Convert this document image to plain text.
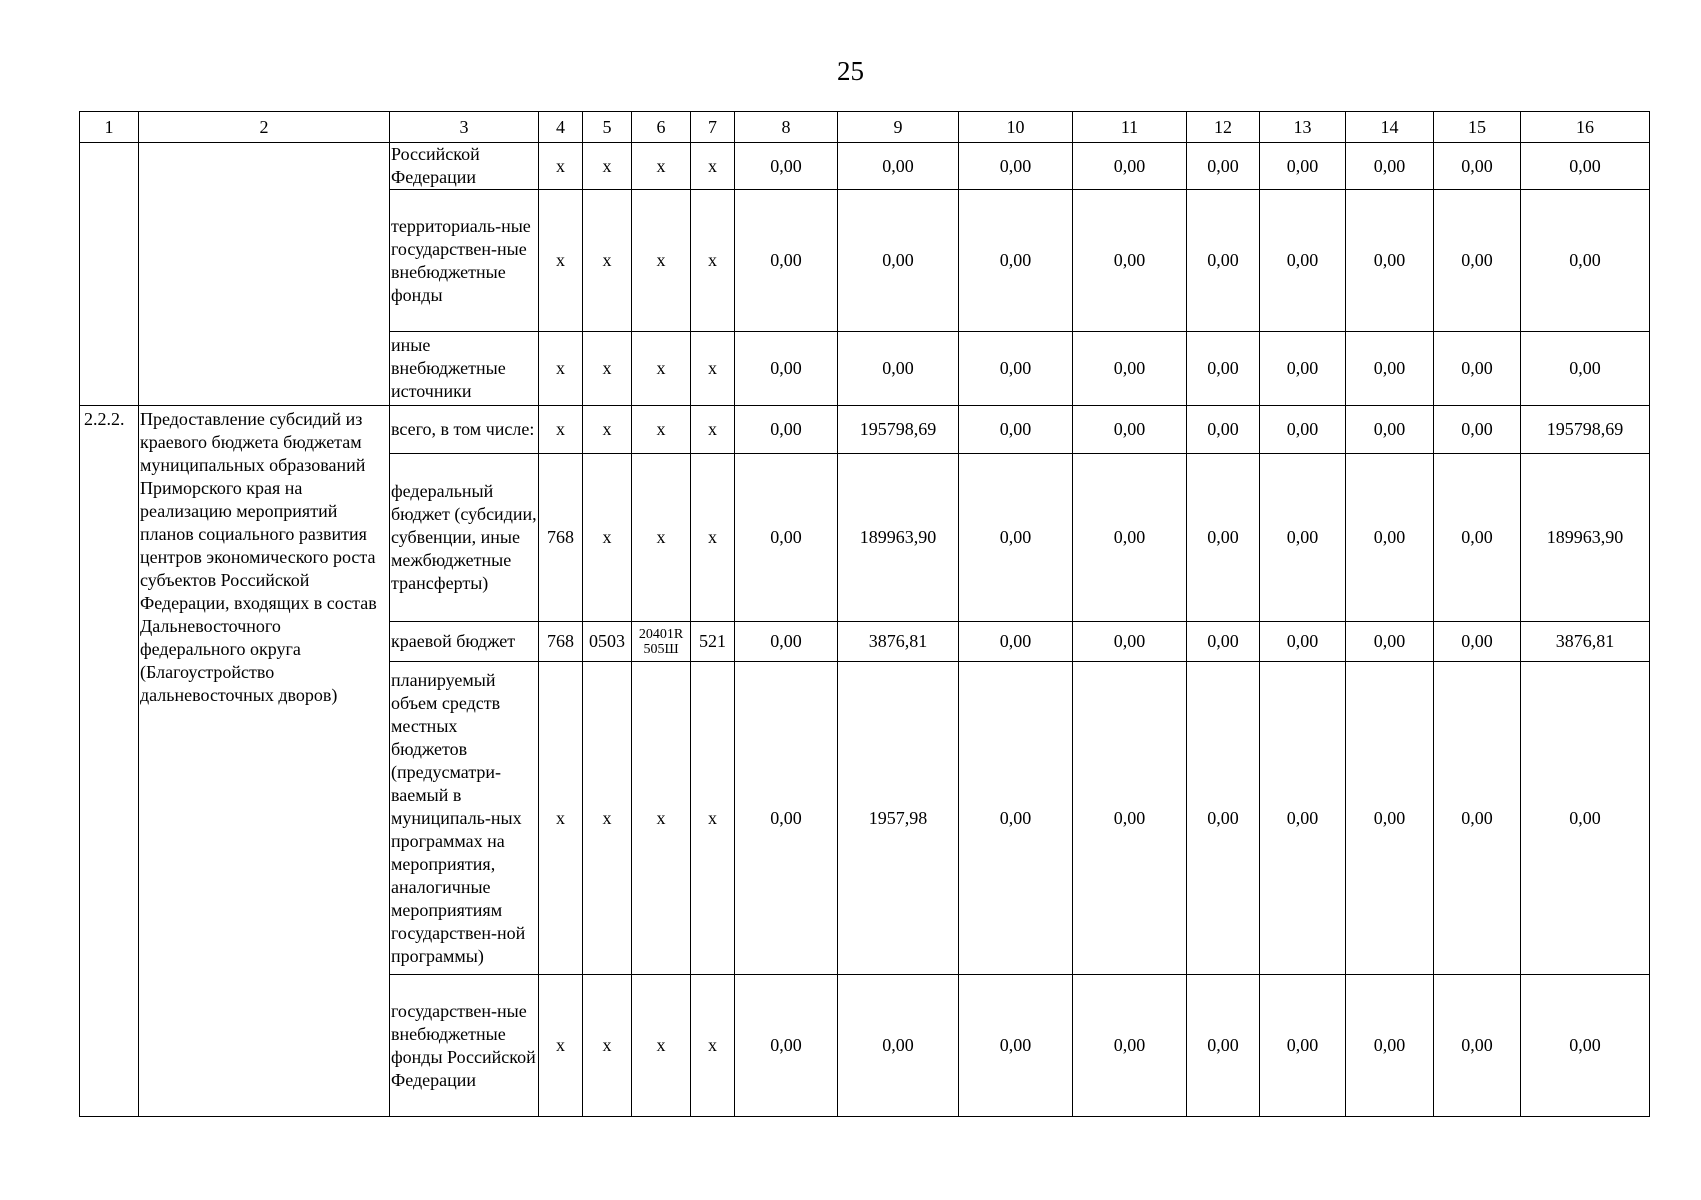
25
1	2	3	4	5	6	7	8	9	10	11	12	13	14	15	16
		Российской Федерации	x	x	x	x	0,00	0,00	0,00	0,00	0,00	0,00	0,00	0,00	0,00
		территориаль-ные государствен-ные внебюджетные фонды	x	x	x	x	0,00	0,00	0,00	0,00	0,00	0,00	0,00	0,00	0,00
		иные внебюджетные источники	x	x	x	x	0,00	0,00	0,00	0,00	0,00	0,00	0,00	0,00	0,00
2.2.2.	Предоставление субсидий из краевого бюджета бюджетам муниципальных образований Приморского края на реализацию мероприятий планов социального развития центров экономического роста субъектов Российской Федерации, входящих в состав Дальневосточного федерального округа (Благоустройство дальневосточных дворов)	всего, в том числе:	x	x	x	x	0,00	195798,69	0,00	0,00	0,00	0,00	0,00	0,00	195798,69
		федеральный бюджет (субсидии, субвенции, иные межбюджетные трансферты)	768	x	x	x	0,00	189963,90	0,00	0,00	0,00	0,00	0,00	0,00	189963,90
		краевой бюджет	768	0503	20401R 505Ш	521	0,00	3876,81	0,00	0,00	0,00	0,00	0,00	0,00	3876,81
		планируемый объем средств местных бюджетов (предусматри-ваемый в муниципаль-ных программах на мероприятия, аналогичные мероприятиям государствен-ной программы)	x	x	x	x	0,00	1957,98	0,00	0,00	0,00	0,00	0,00	0,00	0,00
		государствен-ные внебюджетные фонды Российской Федерации	x	x	x	x	0,00	0,00	0,00	0,00	0,00	0,00	0,00	0,00	0,00
